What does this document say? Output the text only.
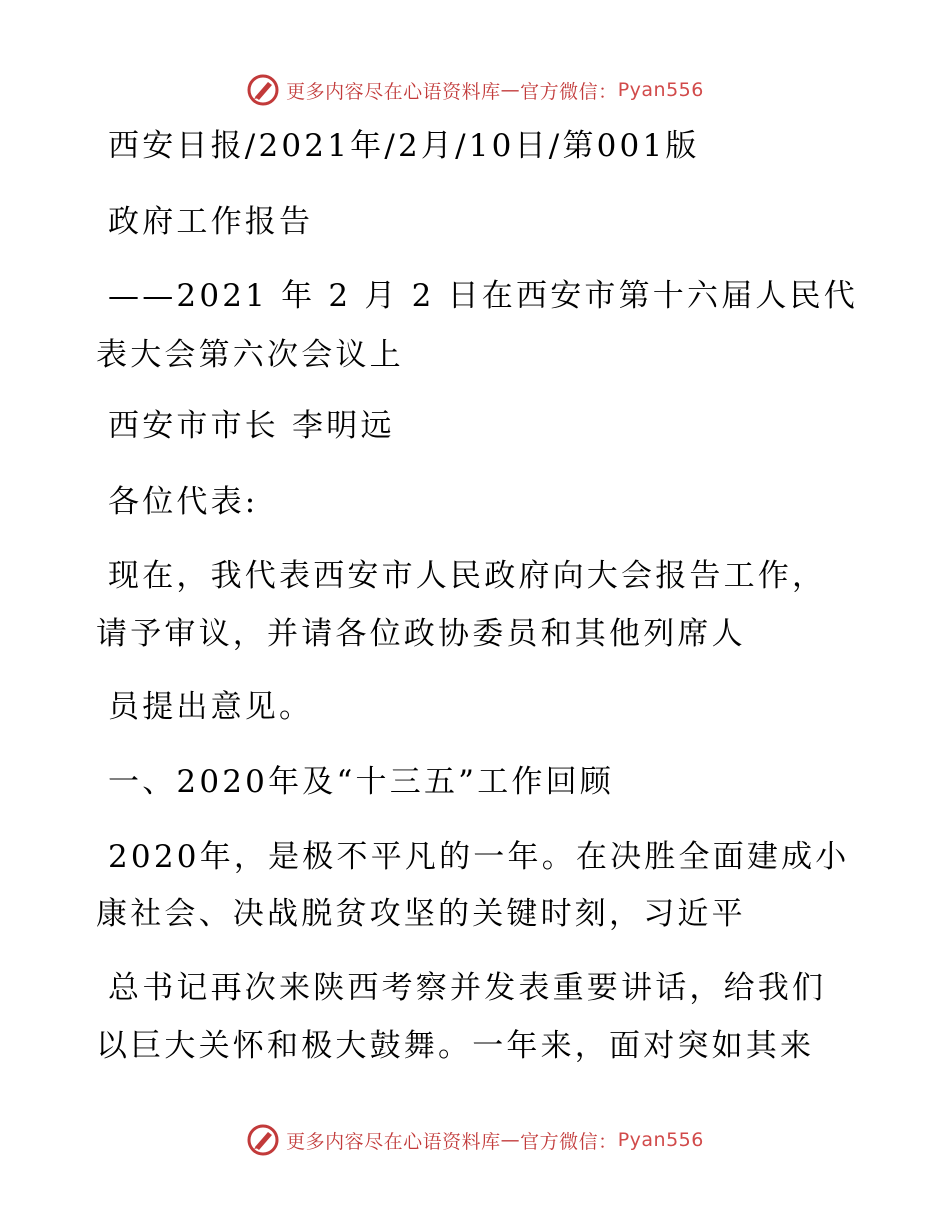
更多内容尽在心语资料库 — 官方微信： Pyan556
西安日报/2021年/2月/10日/第001版
政府工作报告
——2021 年 2 月 2 日在西安市第十六届人民代
表大会第六次会议上
西安市市长 李明远
各位代表:
现在，我代表西安市人民政府向大会报告工作，
请予审议，并请各位政协委员和其他列席人
员提出意见。
一、2020年及“十三五”工作回顾
2020年，是极不平凡的一年。在决胜全面建成小
康社会、决战脱贫攻坚的关键时刻，习近平
总书记再次来陕西考察并发表重要讲话，给我们
以巨大关怀和极大鼓舞。一年来，面对突如其来
更多内容尽在心语资料库 — 官方微信： Pyan556
